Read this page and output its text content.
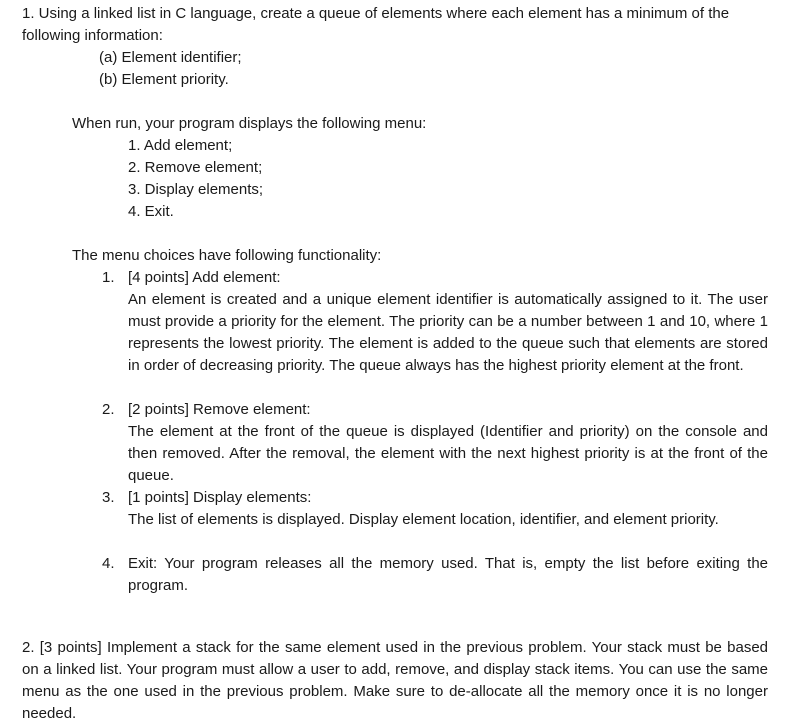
1. Using a linked list in C language, create a queue of elements where each element has a minimum of the following information:

(a) Element identifier;

(b) Element priority.

When run, your program displays the following menu:

1. Add element;

2. Remove element;

3. Display elements;

4. Exit.

The menu choices have following functionality:

1. [4 points] Add element:

An element is created and a unique element identifier is automatically assigned to it. The user must provide a priority for the element. The priority can be a number between 1 and 10, where 1 represents the lowest priority. The element is added to the queue such that elements are stored in order of decreasing priority. The queue always has the highest priority element at the front.

2. [2 points] Remove element:

The element at the front of the queue is displayed (Identifier and priority) on the console and then removed. After the removal, the element with the next highest priority is at the front of the queue.

3. [1 points] Display elements:

The list of elements is displayed. Display element location, identifier, and element priority.

4. Exit: Your program releases all the memory used. That is, empty the list before exiting the program.

2. [3 points] Implement a stack for the same element used in the previous problem. Your stack must be based on a linked list. Your program must allow a user to add, remove, and display stack items. You can use the same menu as the one used in the previous problem. Make sure to de-allocate all the memory once it is no longer needed.
